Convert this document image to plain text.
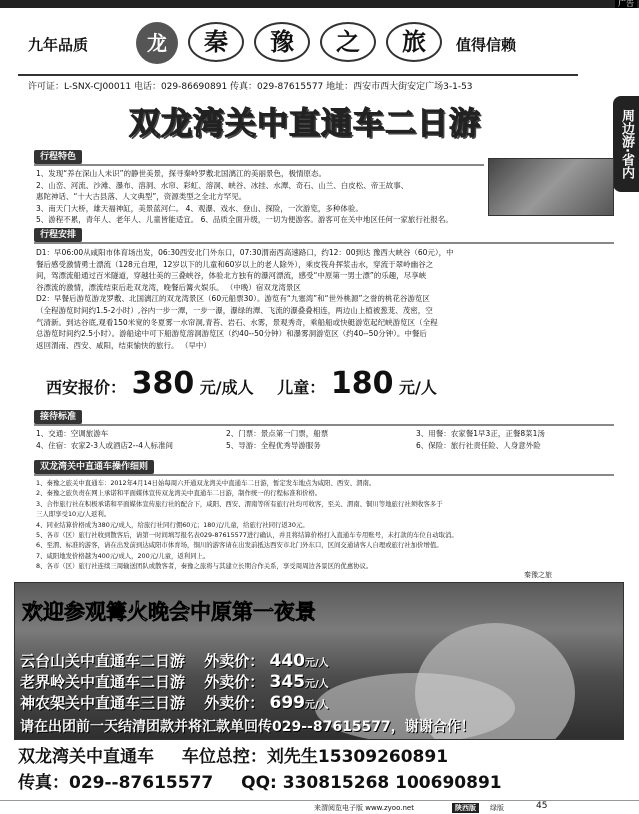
广告
九年品质	龙	秦	豫	之	旅	值得信赖
许可证：L-SNX-CJ00011 电话：029-86690891 传真：029-87615577 地址：西安市西大街安定广场3-1-53
周边游·省内
双龙湾关中直通车二日游
行程特色
1、发现“养在深山人未识”的静世美景，探寻秦岭罗敷北国漓江的美丽景色，极情原态。
2、山峦、河流、沙滩、瀑布、溶洞、水帘、彩虹、溶洞、峡谷、冰挂、水潭、奇石、山兰、白皮松、帝王故事、
惠陀神话、“十大古县落、人文典型”，资源类型之全北方罕见。
3、南天门大桥，雄天福神缸，美景蓝河仁。 4、观瀑、戏水、登山、探险，一次游览，多种体验。
5、游程不累，青年人、老年人、儿童皆能适宜。 6、品质全面升级，一切为便游客。游客可在关中地区任何一家旅行社报名。
行程安排
D1：早06:00从咸阳市体育场出发，06:30西安北门外东口，07:30渭南西高速路口，约12：00到达 豫西大峡谷（60元），中
餐后感受激情勇士漂流（128元自理，12岁以下的儿童和60岁以上的老人除外），乘皮筏舟挥浆击水，穿流于翠岭幽谷之
间，驾漂流船通过百米隧道，穿越壮美的三叠峡谷，体验北方独有的瀑河漂流，感受“中原第一男士漂”的乐趣，尽享峡
谷漂流的激情，漂流结束后赴双龙湾，晚餐后篝火娱乐。 （中晚）宿双龙湾景区
D2：早餐后游览游龙罗敷、北国漓江的双龙湾景区（60元船票30）。游览有“九塞湾”和“世外桃源”之誉的桃花谷游览区
（全程游览时间约1.5-2小时）,谷内一步一潭，一步一瀑，瀑绿的潭、飞流的瀑叠叠相连，两边山上植被葱茏、茂密，空
气清新。到达谷底,观看150米宽的冬夏雾一水帘洞,青苔、岩石、水雾，景观秀奇，乘船船或快艇游览起纪峡游览区（全程
总游览时间约2.5小时）。游船途中可下船游览溶洞游览区（约40--50分钟）和瀑雾洞游览区（约40--50分钟）。中餐后
返回渭南、西安、咸阳，结束愉快的旅行。 （早中）
西安报价： 380 元/成人 儿童： 180 元/人
接待标准
1、交通：空调旅游车	2、门票：景点第一门票，船票	3、用餐：农家餐1早3正，正餐8菜1汤
4、住宿：农家2-3人或酒店2--4人标准间	5、导游：全程优秀导游服务	6、保险：旅行社责任险、人身意外险
双龙湾关中直通车操作细则
1、秦豫之旅关中直通车：2012年4月14日始每周六开通双龙湾关中直通车二日游，暂定发车地点为咸阳、西安、渭南。
2、秦豫之旅负责在网上承诺和平面媒体宣传双龙湾关中直通车二日游，制作统一的行程标准和价格。
3、合作旅行社在积极承诺和平面媒体宣传旅行社的配合下，咸阳、西安、渭南等所有旅行社均可收客，至关、渭南、铜川等地旅行社须收客多于
三人即享受10元/人返利。
4、同业结算价格成为380元/成人，给旅行社同行佣60元；180元/儿童，给旅行社同行返30元。
5、各市（区）旅行社收到散客后，请第一时间填写报名表029-87615577进行确认，并且将结算价格打入直通车专用账号，未打款的车位自动取消。
6、至渭、标准的游客，请在出发前到达咸阳市体育场，铜川的游客请在出发前抵达西安市北门外东口，区间交通请客人自理或旅行社加价增值。
7、咸阳地发价格越为400元/成人，200元/儿童，返利同上。
8、各市（区）旅行社连续三周输送团队或散客者，秦豫之旅将与其建立长期合作关系，享受周周边各景区的优惠协议。
秦豫之旅
欢迎参观篝火晚会中原第一夜景
云台山关中直通车二日游 外卖价： 440元/人
老界岭关中直通车二日游 外卖价： 345元/人
神农架关中直通车三日游 外卖价： 699元/人
请在出团前一天结清团款并将汇款单回传029--87615577，谢谢合作！
双龙湾关中直通车 车位总控：刘先生15309260891
传真：029--87615577 QQ: 330815268 100690891
来渭阅览电子版 www.zyoo.net	陕西版	绿版	45
